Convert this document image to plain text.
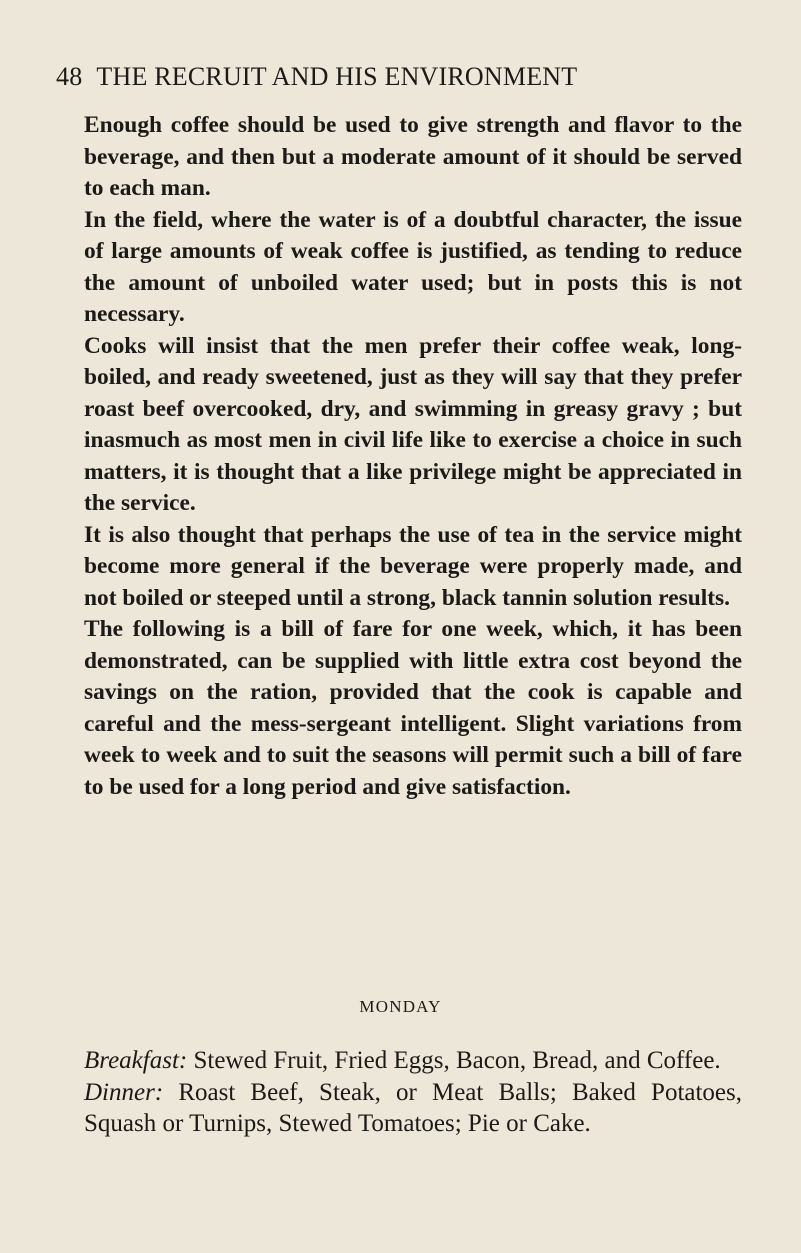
48 THE RECRUIT AND HIS ENVIRONMENT

Enough coffee should be used to give strength and flavor to the beverage, and then but a moderate amount of it should be served to each man.

In the field, where the water is of a doubtful character, the issue of large amounts of weak coffee is justified, as tending to reduce the amount of unboiled water used; but in posts this is not necessary.

Cooks will insist that the men prefer their coffee weak, long-boiled, and ready sweetened, just as they will say that they prefer roast beef overcooked, dry, and swimming in greasy gravy ; but inasmuch as most men in civil life like to exercise a choice in such matters, it is thought that a like privilege might be appreciated in the service.

It is also thought that perhaps the use of tea in the service might become more general if the beverage were properly made, and not boiled or steeped until a strong, black tannin solution results.

The following is a bill of fare for one week, which, it has been demonstrated, can be supplied with little extra cost beyond the savings on the ration, provided that the cook is capable and careful and the mess-sergeant intelligent. Slight variations from week to week and to suit the seasons will permit such a bill of fare to be used for a long period and give satisfaction.

MONDAY

Breakfast: Stewed Fruit, Fried Eggs, Bacon, Bread, and Coffee.

Dinner: Roast Beef, Steak, or Meat Balls; Baked Potatoes, Squash or Turnips, Stewed Tomatoes; Pie or Cake.
